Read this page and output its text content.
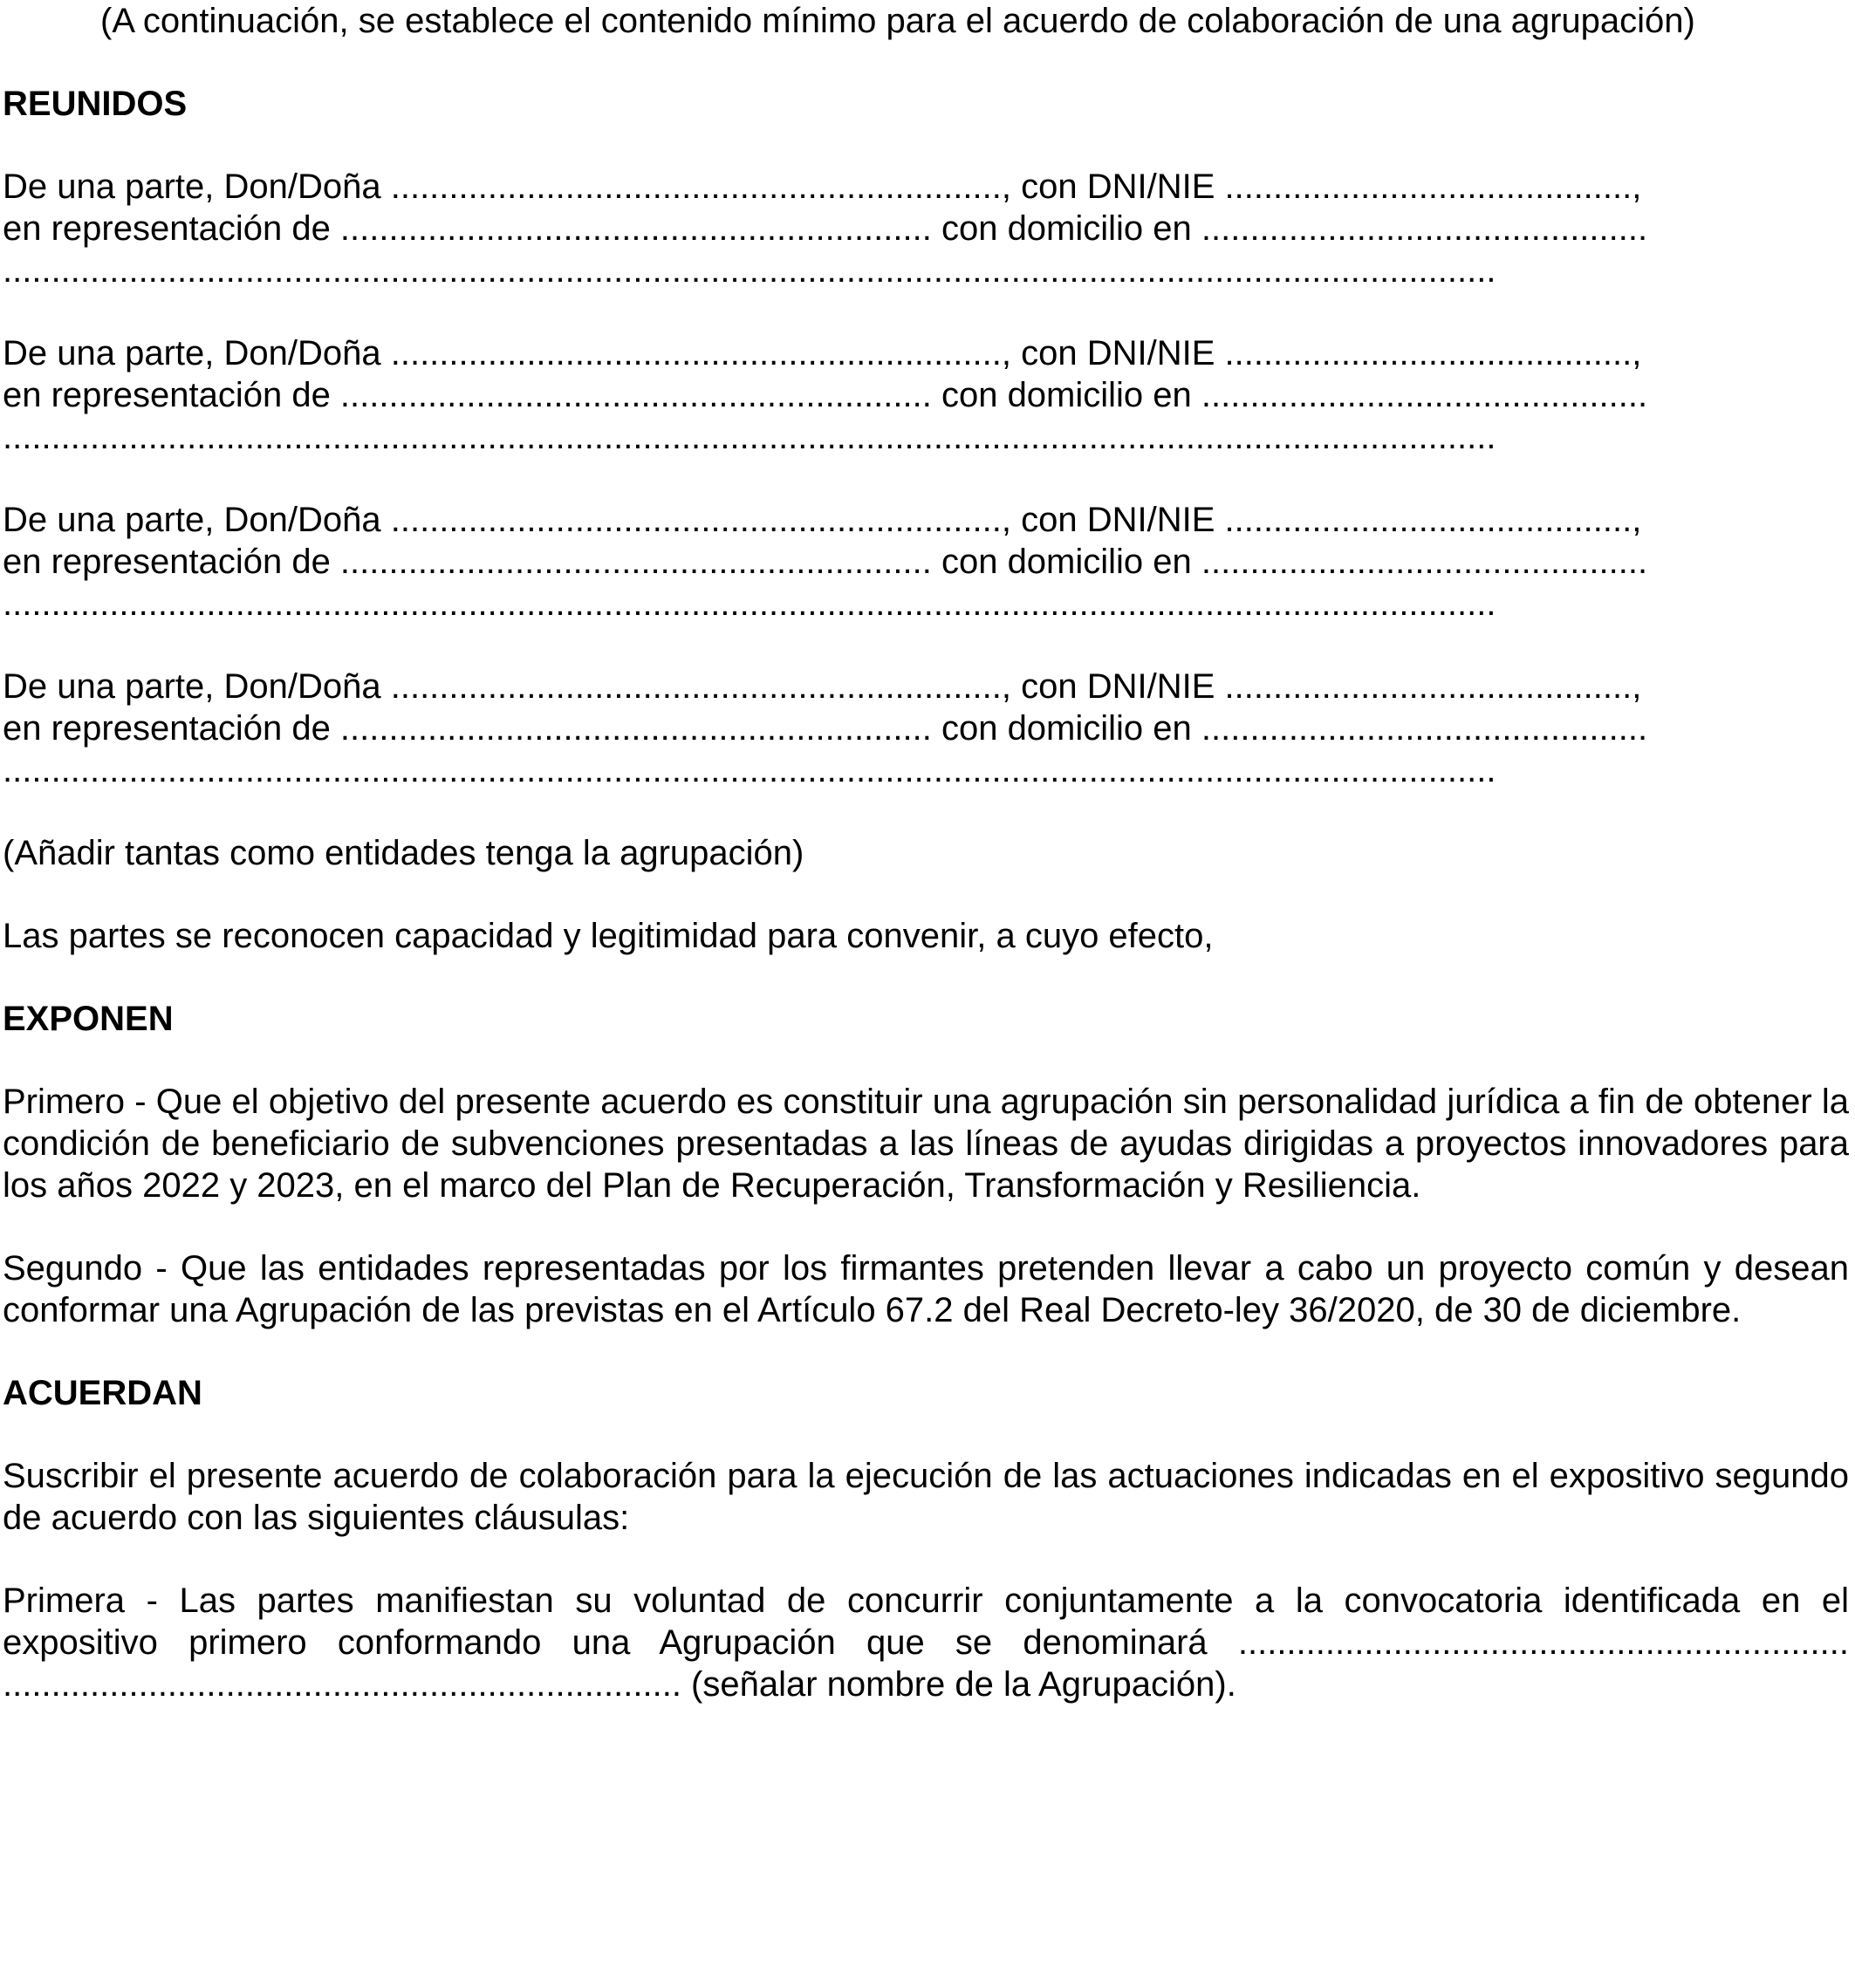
(A continuación, se establece el contenido mínimo para el acuerdo de colaboración de una agrupación)
REUNIDOS
De una parte, Don/Doña ..............................................................., con DNI/NIE ..........................................,
en representación de ............................................................. con domicilio en ..............................................
..........................................................................................................................................................
De una parte, Don/Doña ..............................................................., con DNI/NIE ..........................................,
en representación de ............................................................. con domicilio en ..............................................
..........................................................................................................................................................
De una parte, Don/Doña ..............................................................., con DNI/NIE ..........................................,
en representación de ............................................................. con domicilio en ..............................................
..........................................................................................................................................................
De una parte, Don/Doña ..............................................................., con DNI/NIE ..........................................,
en representación de ............................................................. con domicilio en ..............................................
..........................................................................................................................................................
(Añadir tantas como entidades tenga la agrupación)
Las partes se reconocen capacidad y legitimidad para convenir, a cuyo efecto,
EXPONEN
Primero - Que el objetivo del presente acuerdo es constituir una agrupación sin personalidad jurídica a fin de obtener la condición de beneficiario de subvenciones presentadas a las líneas de ayudas dirigidas a proyectos innovadores para los años 2022 y 2023, en el marco del Plan de Recuperación, Transformación y Resiliencia.
Segundo - Que las entidades representadas por los firmantes pretenden llevar a cabo un proyecto común y desean conformar una Agrupación de las previstas en el Artículo 67.2 del Real Decreto-ley 36/2020, de 30 de diciembre.
ACUERDAN
Suscribir el presente acuerdo de colaboración para la ejecución de las actuaciones indicadas en el expositivo segundo de acuerdo con las siguientes cláusulas:
Primera - Las partes manifiestan su voluntad de concurrir conjuntamente a la convocatoria identificada en el
expositivo primero conformando una Agrupación que se denominará ...............................................................
...................................................................... (señalar nombre de la Agrupación).
